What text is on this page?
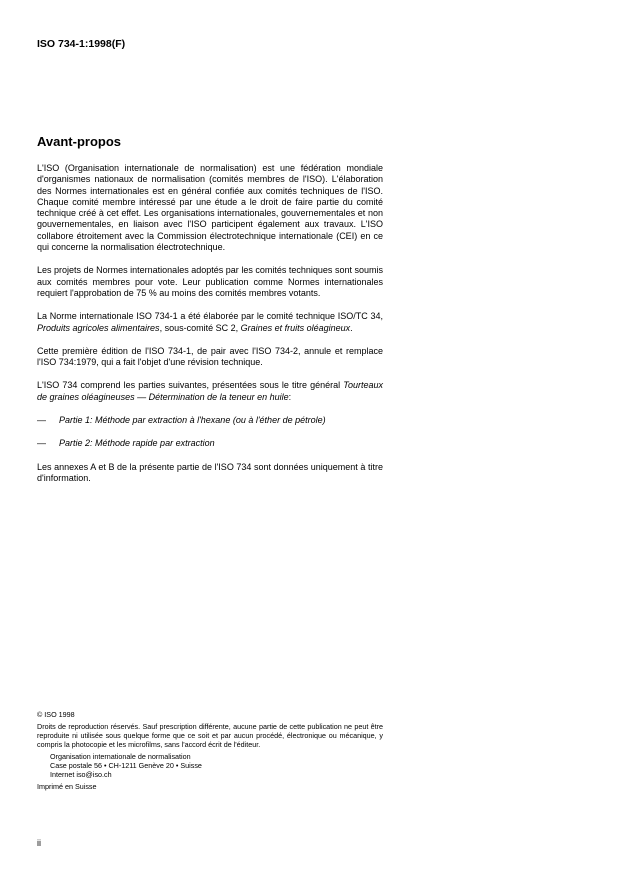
ISO 734-1:1998(F)
Avant-propos

L'ISO (Organisation internationale de normalisation) est une fédération mondiale d'organismes nationaux de normalisation (comités membres de l'ISO). L'élaboration des Normes internationales est en général confiée aux comités techniques de l'ISO. Chaque comité membre intéressé par une étude a le droit de faire partie du comité technique créé à cet effet. Les organisations internationales, gouvernementales et non gouvernementales, en liaison avec l'ISO participent également aux travaux. L'ISO collabore étroitement avec la Commission électrotechnique internationale (CEI) en ce qui concerne la normalisation électrotechnique.

Les projets de Normes internationales adoptés par les comités techniques sont soumis aux comités membres pour vote. Leur publication comme Normes internationales requiert l'approbation de 75 % au moins des comités membres votants.

La Norme internationale ISO 734-1 a été élaborée par le comité technique ISO/TC 34, Produits agricoles alimentaires, sous-comité SC 2, Graines et fruits oléagineux.

Cette première édition de l'ISO 734-1, de pair avec l'ISO 734-2, annule et remplace l'ISO 734:1979, qui a fait l'objet d'une révision technique.

L'ISO 734 comprend les parties suivantes, présentées sous le titre général Tourteaux de graines oléagineuses — Détermination de la teneur en huile:

—	Partie 1: Méthode par extraction à l'hexane (ou à l'éther de pétrole)
—	Partie 2: Méthode rapide par extraction

Les annexes A et B de la présente partie de l'ISO 734 sont données uniquement à titre d'information.

© ISO 1998

Droits de reproduction réservés. Sauf prescription différente, aucune partie de cette publication ne peut être reproduite ni utilisée sous quelque forme que ce soit et par aucun procédé, électronique ou mécanique, y compris la photocopie et les microfilms, sans l'accord écrit de l'éditeur.

Organisation internationale de normalisation

Case postale 56 • CH-1211 Genève 20 • Suisse

Internet iso@iso.ch

Imprimé en Suisse

ii
